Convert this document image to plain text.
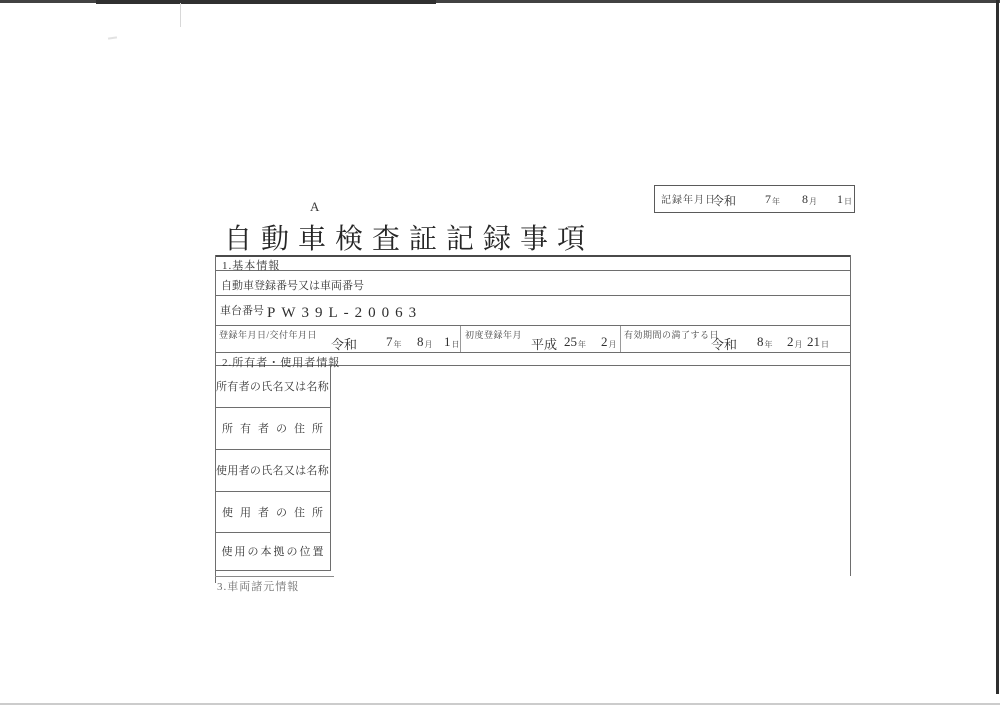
A
自動車検査証記録事項
記録年月日
令和 7年 8月 1日
1.基本情報
自動車登録番号又は車両番号
車台番号 PW39L-20063
登録年月日/交付年月日
令和 7年 8月 1日
初度登録年月
平成 25年 2月
有効期間の満了する日
令和 8年 2月 21日
2.所有者・使用者情報
所有者の氏名又は名称
所有者の住所
使用者の氏名又は名称
使用者の住所
使用の本拠の位置
3.車両諸元情報
